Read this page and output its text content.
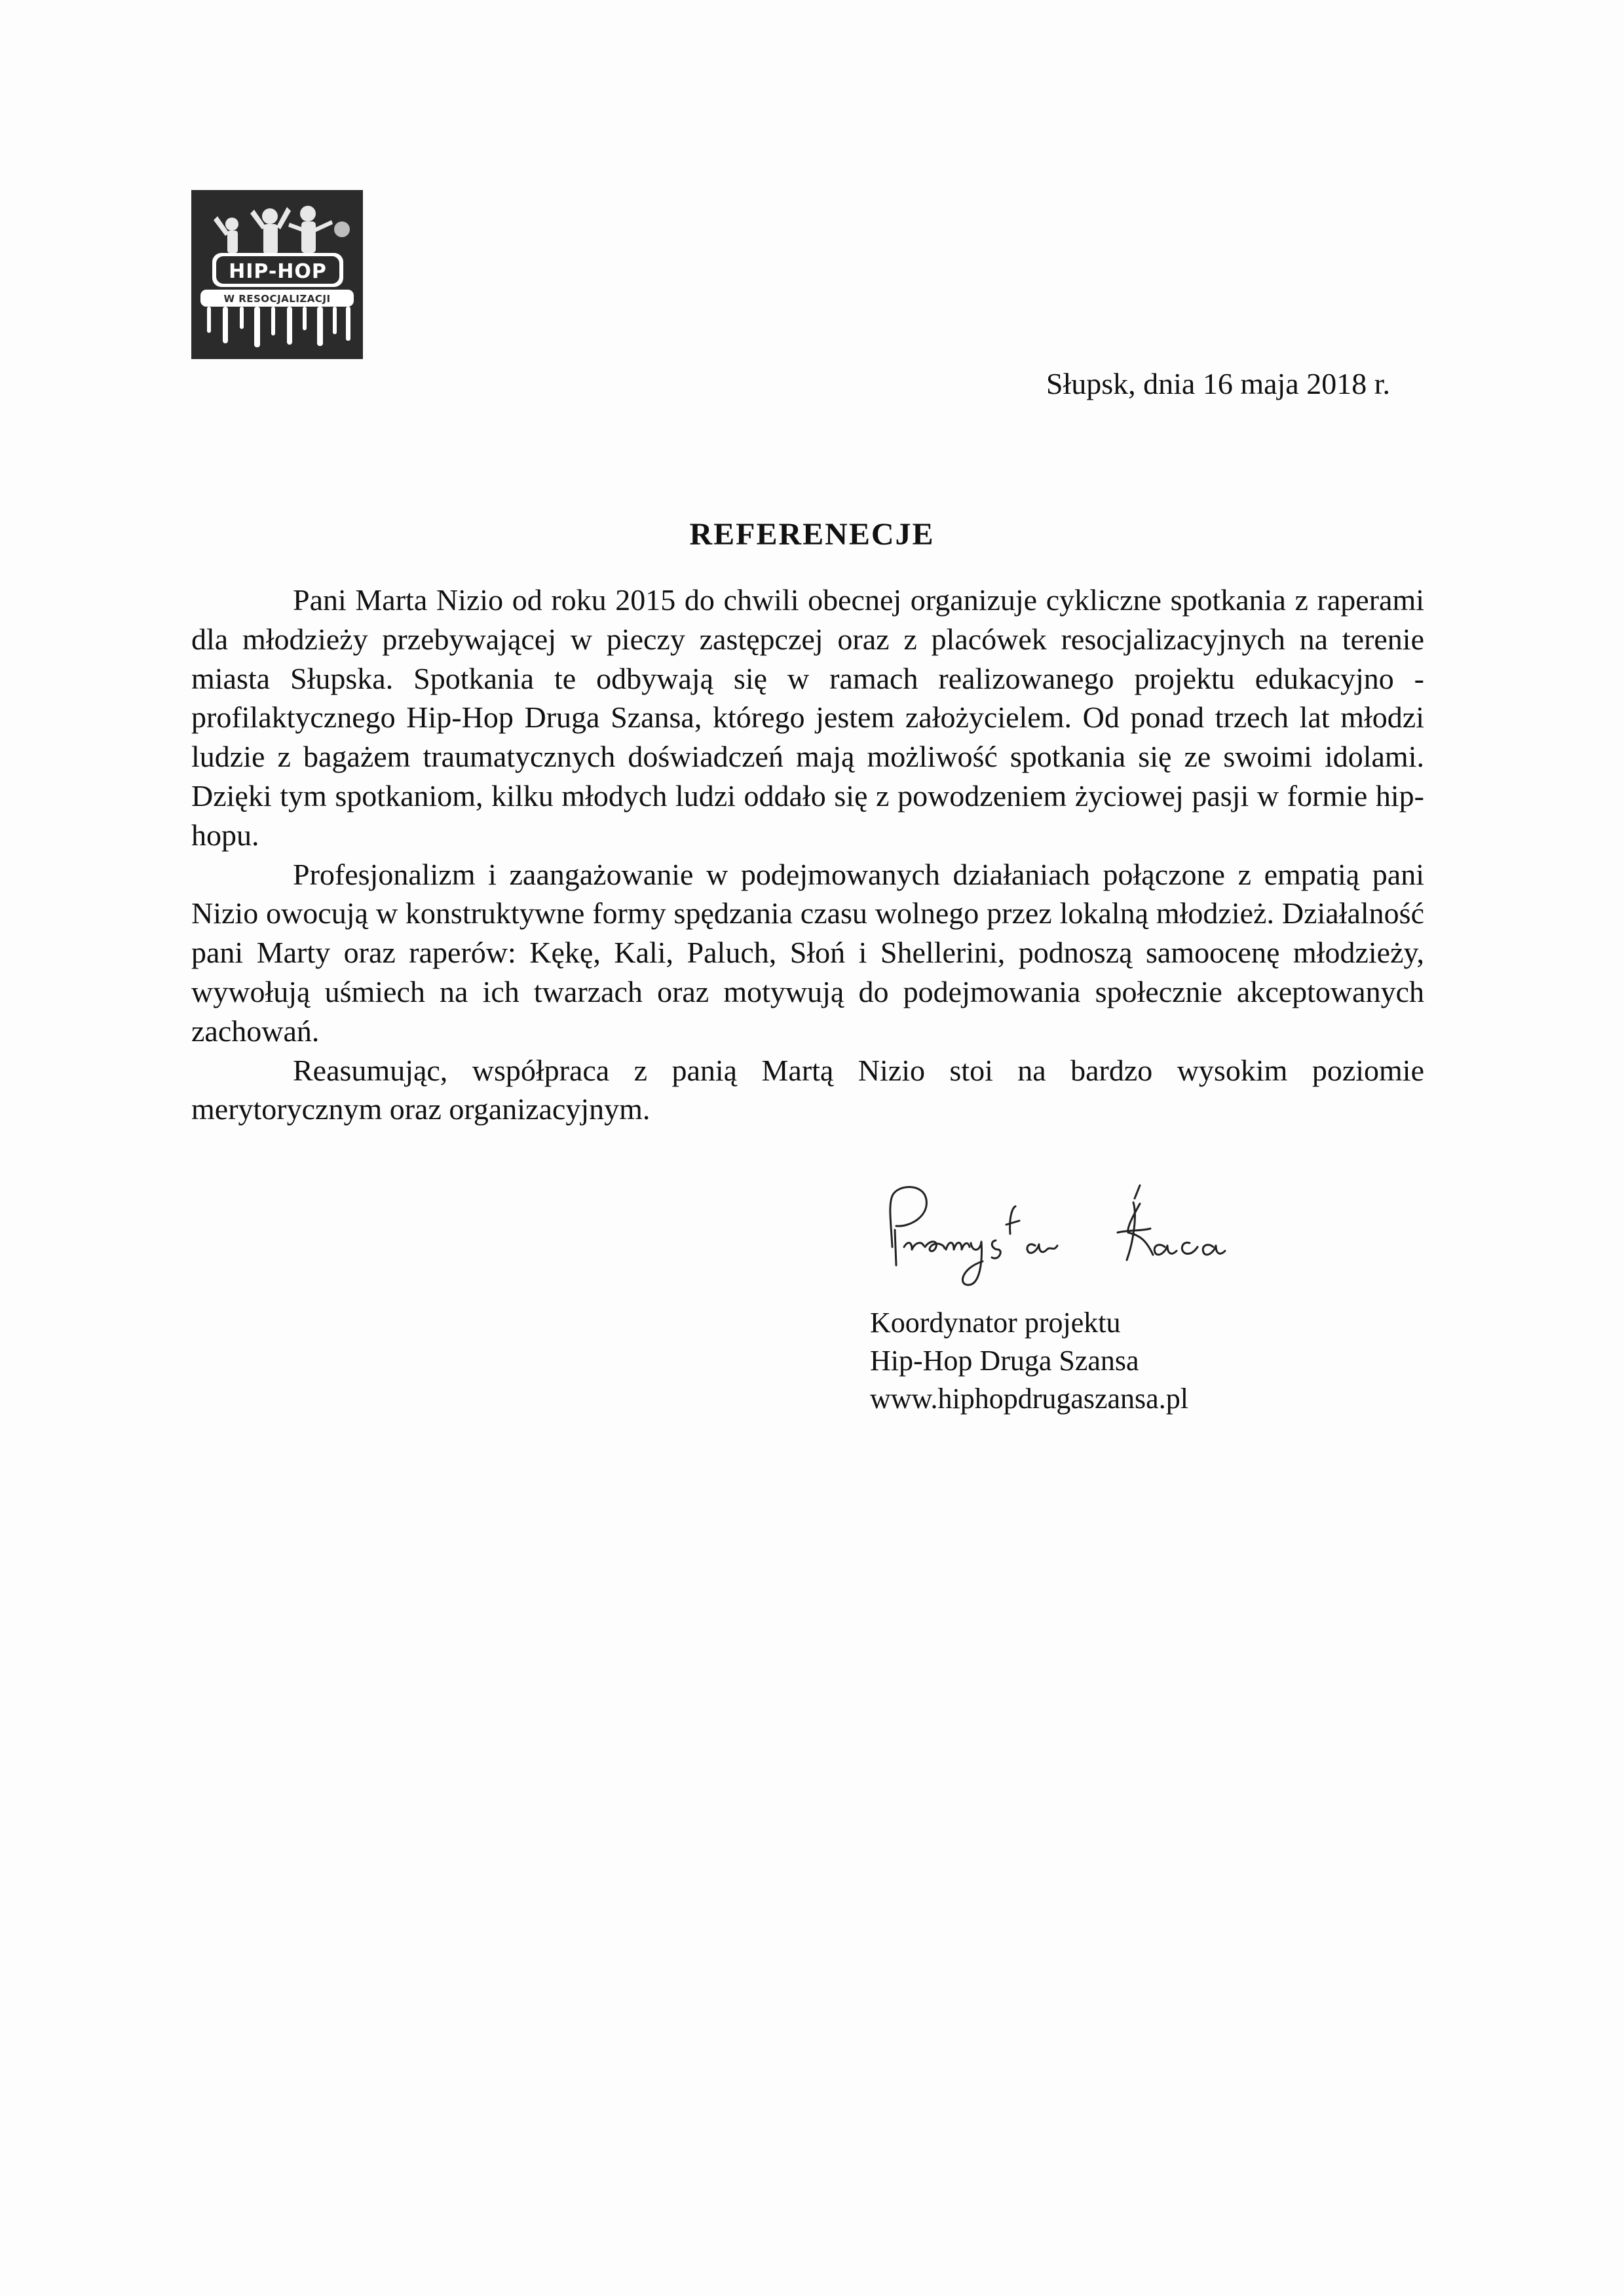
HIP-HOP
W RESOCJALIZACJI
Słupsk, dnia 16 maja 2018 r.
REFERENECJE

Pani Marta Nizio od roku 2015 do chwili obecnej organizuje cykliczne spotkania z raperami dla młodzieży przebywającej w pieczy zastępczej oraz z placówek resocjalizacyjnych na terenie miasta Słupska. Spotkania te odbywają się w ramach realizowanego projektu edukacyjno - profilaktycznego Hip-Hop Druga Szansa, którego jestem założycielem. Od ponad trzech lat młodzi ludzie z bagażem traumatycznych doświadczeń mają możliwość spotkania się ze swoimi idolami. Dzięki tym spotkaniom, kilku młodych ludzi oddało się z powodzeniem życiowej pasji w formie hip-hopu.

Profesjonalizm i zaangażowanie w podejmowanych działaniach połączone z empatią pani Nizio owocują w konstruktywne formy spędzania czasu wolnego przez lokalną młodzież. Działalność pani Marty oraz raperów: Kękę, Kali, Paluch, Słoń i Shellerini, podnoszą samoocenę młodzieży, wywołują uśmiech na ich twarzach oraz motywują do podejmowania społecznie akceptowanych zachowań.

Reasumując, współpraca z panią Martą Nizio stoi na bardzo wysokim poziomie merytorycznym oraz organizacyjnym.

Koordynator projektu
Hip-Hop Druga Szansa
www.hiphopdrugaszansa.pl
